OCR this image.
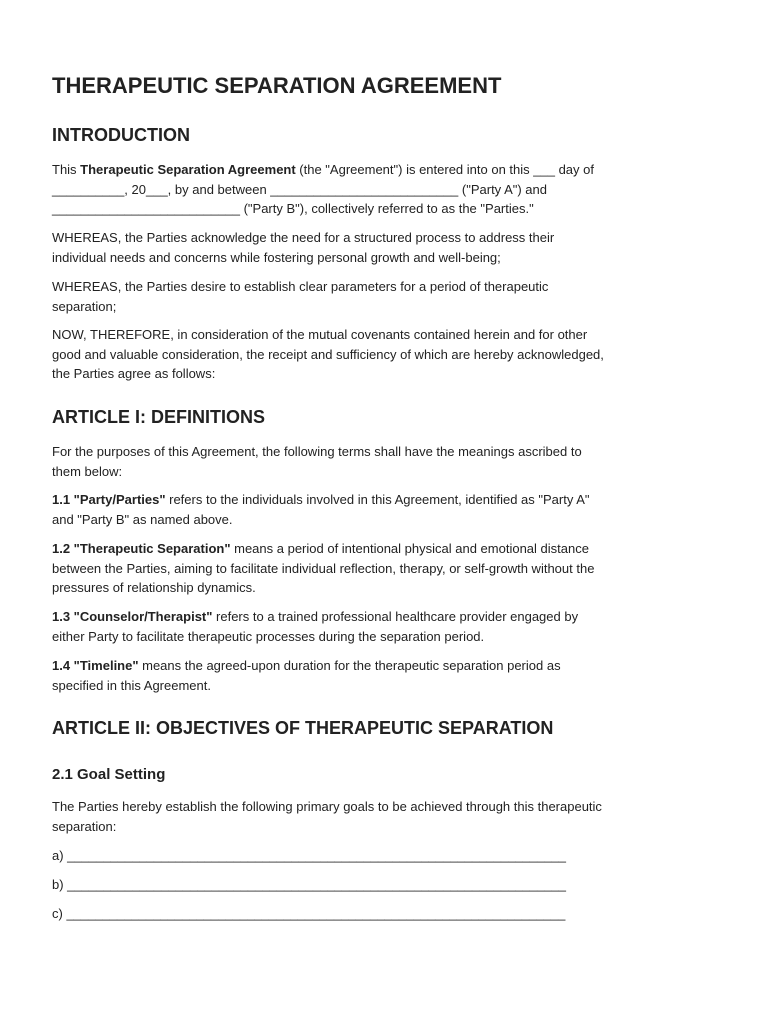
THERAPEUTIC SEPARATION AGREEMENT
INTRODUCTION
This Therapeutic Separation Agreement (the "Agreement") is entered into on this ___ day of
__________, 20___, by and between __________________________ ("Party A") and
__________________________ ("Party B"), collectively referred to as the "Parties."
WHEREAS, the Parties acknowledge the need for a structured process to address their
individual needs and concerns while fostering personal growth and well-being;
WHEREAS, the Parties desire to establish clear parameters for a period of therapeutic
separation;
NOW, THEREFORE, in consideration of the mutual covenants contained herein and for other
good and valuable consideration, the receipt and sufficiency of which are hereby acknowledged,
the Parties agree as follows:
ARTICLE I: DEFINITIONS
For the purposes of this Agreement, the following terms shall have the meanings ascribed to
them below:
1.1 "Party/Parties" refers to the individuals involved in this Agreement, identified as "Party A"
and "Party B" as named above.
1.2 "Therapeutic Separation" means a period of intentional physical and emotional distance
between the Parties, aiming to facilitate individual reflection, therapy, or self-growth without the
pressures of relationship dynamics.
1.3 "Counselor/Therapist" refers to a trained professional healthcare provider engaged by
either Party to facilitate therapeutic processes during the separation period.
1.4 "Timeline" means the agreed-upon duration for the therapeutic separation period as
specified in this Agreement.
ARTICLE II: OBJECTIVES OF THERAPEUTIC SEPARATION
2.1 Goal Setting
The Parties hereby establish the following primary goals to be achieved through this therapeutic
separation:
a) _____________________________________________________________________
b) _____________________________________________________________________
c) _____________________________________________________________________
